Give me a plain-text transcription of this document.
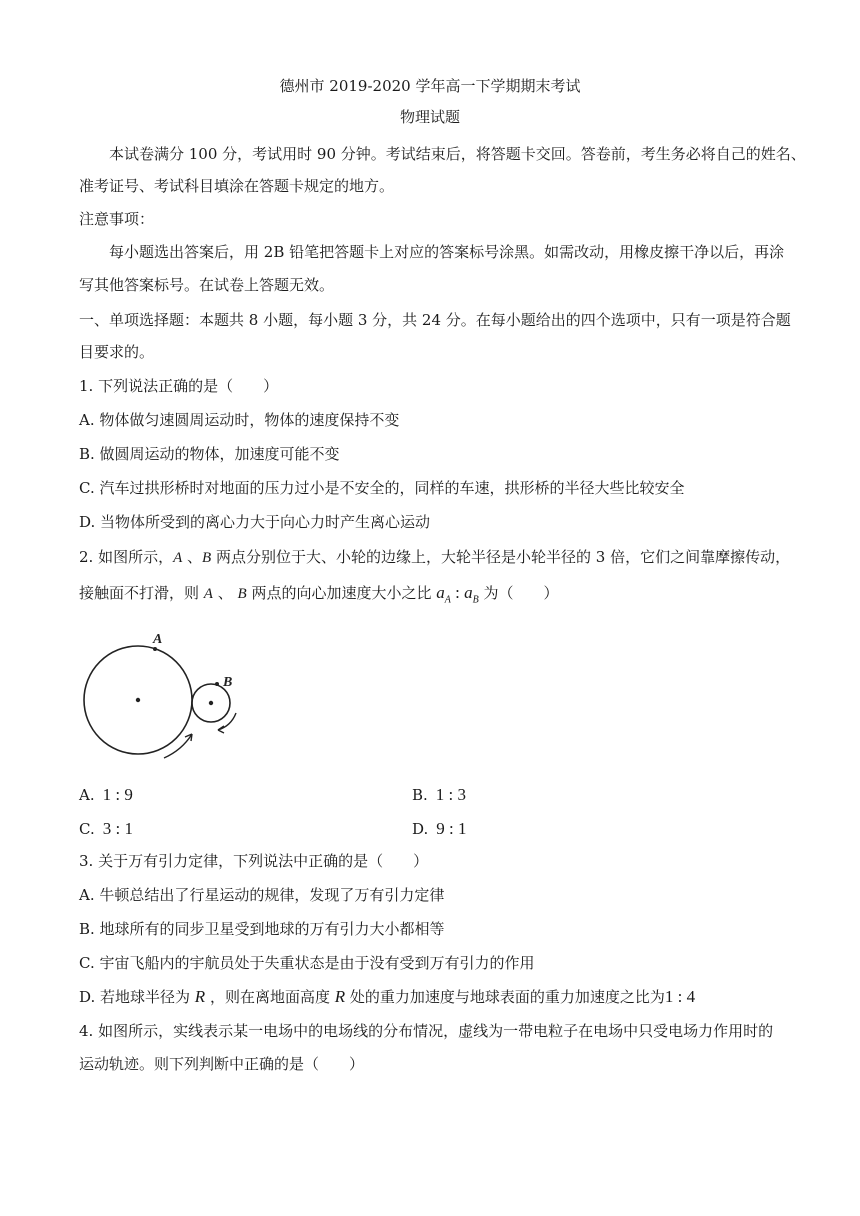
德州市 2019-2020 学年高一下学期期末考试
物理试题
本试卷满分 100 分，考试用时 90 分钟。考试结束后，将答题卡交回。答卷前，考生务必将自己的姓名、
准考证号、考试科目填涂在答题卡规定的地方。
注意事项：
每小题选出答案后，用 2B 铅笔把答题卡上对应的答案标号涂黑。如需改动，用橡皮擦干净以后，再涂
写其他答案标号。在试卷上答题无效。
一、单项选择题：本题共 8 小题，每小题 3 分，共 24 分。在每小题给出的四个选项中，只有一项是符合题
目要求的。
1. 下列说法正确的是（　　）
A. 物体做匀速圆周运动时，物体的速度保持不变
B. 做圆周运动的物体，加速度可能不变
C. 汽车过拱形桥时对地面的压力过小是不安全的，同样的车速，拱形桥的半径大些比较安全
D. 当物体所受到的离心力大于向心力时产生离心运动
2. 如图所示，A 、B 两点分别位于大、小轮的边缘上，大轮半径是小轮半径的 3 倍，它们之间靠摩擦传动，
接触面不打滑，则 A 、 B 两点的向心加速度大小之比 $a_A$ : $a_B$ 为（　　）
A
B
A. 1 : 9	B. 1 : 3
C. 3 : 1	D. 9 : 1
3. 关于万有引力定律，下列说法中正确的是（　　）
A. 牛顿总结出了行星运动的规律，发现了万有引力定律
B. 地球所有的同步卫星受到地球的万有引力大小都相等
C. 宇宙飞船内的宇航员处于失重状态是由于没有受到万有引力的作用
D. 若地球半径为 R ，则在离地面高度 R 处的重力加速度与地球表面的重力加速度之比为1 : 4
4. 如图所示，实线表示某一电场中的电场线的分布情况，虚线为一带电粒子在电场中只受电场力作用时的
运动轨迹。则下列判断中正确的是（　　）
